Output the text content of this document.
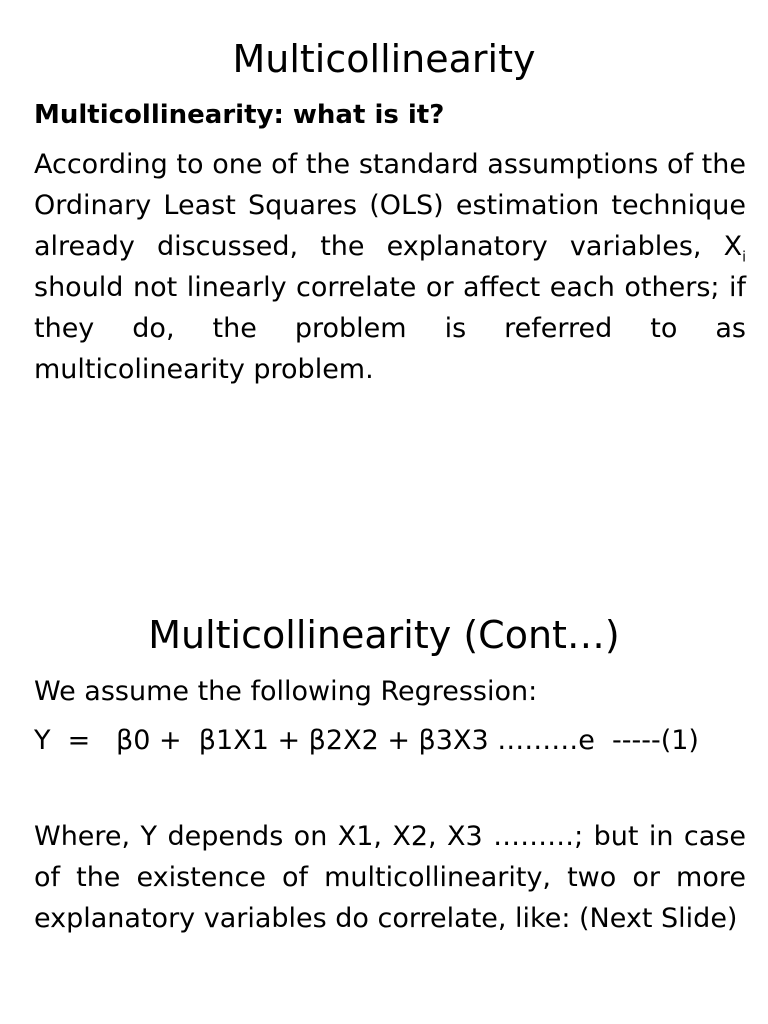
Multicollinearity
Multicollinearity: what is it?

According to one of the standard assumptions of the Ordinary Least Squares (OLS) estimation technique already discussed, the explanatory variables, $X_i$ should not linearly correlate or affect each others; if they do, the problem is referred to as multicolinearity problem.

Multicollinearity (Cont…)

We assume the following Regression:

Y  =   β0 +  β1X1 + β2X2 + β3X3 ………e  -----(1)

Where, Y depends on X1, X2, X3 ………; but in case of the existence of multicollinearity, two or more explanatory variables do correlate, like: (Next Slide)
